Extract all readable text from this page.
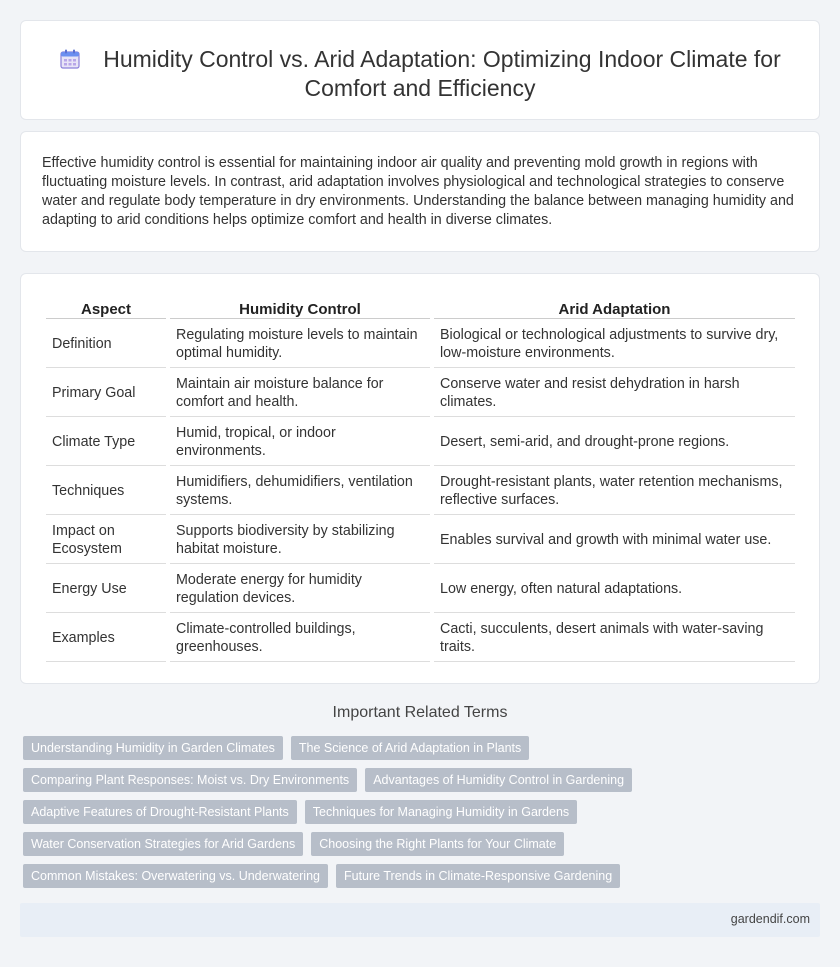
Humidity Control vs. Arid Adaptation: Optimizing Indoor Climate for Comfort and Efficiency

Effective humidity control is essential for maintaining indoor air quality and preventing mold growth in regions with fluctuating moisture levels. In contrast, arid adaptation involves physiological and technological strategies to conserve water and regulate body temperature in dry environments. Understanding the balance between managing humidity and adapting to arid conditions helps optimize comfort and health in diverse climates.

Aspect	Humidity Control	Arid Adaptation
Definition	Regulating moisture levels to maintain optimal humidity.	Biological or technological adjustments to survive dry, low-moisture environments.
Primary Goal	Maintain air moisture balance for comfort and health.	Conserve water and resist dehydration in harsh climates.
Climate Type	Humid, tropical, or indoor environments.	Desert, semi-arid, and drought-prone regions.
Techniques	Humidifiers, dehumidifiers, ventilation systems.	Drought-resistant plants, water retention mechanisms, reflective surfaces.
Impact on Ecosystem	Supports biodiversity by stabilizing habitat moisture.	Enables survival and growth with minimal water use.
Energy Use	Moderate energy for humidity regulation devices.	Low energy, often natural adaptations.
Examples	Climate-controlled buildings, greenhouses.	Cacti, succulents, desert animals with water-saving traits.
Important Related Terms
Understanding Humidity in Garden Climates	The Science of Arid Adaptation in Plants
Comparing Plant Responses: Moist vs. Dry Environments	Advantages of Humidity Control in Gardening
Adaptive Features of Drought-Resistant Plants	Techniques for Managing Humidity in Gardens
Water Conservation Strategies for Arid Gardens	Choosing the Right Plants for Your Climate
Common Mistakes: Overwatering vs. Underwatering	Future Trends in Climate-Responsive Gardening
gardendif.com
